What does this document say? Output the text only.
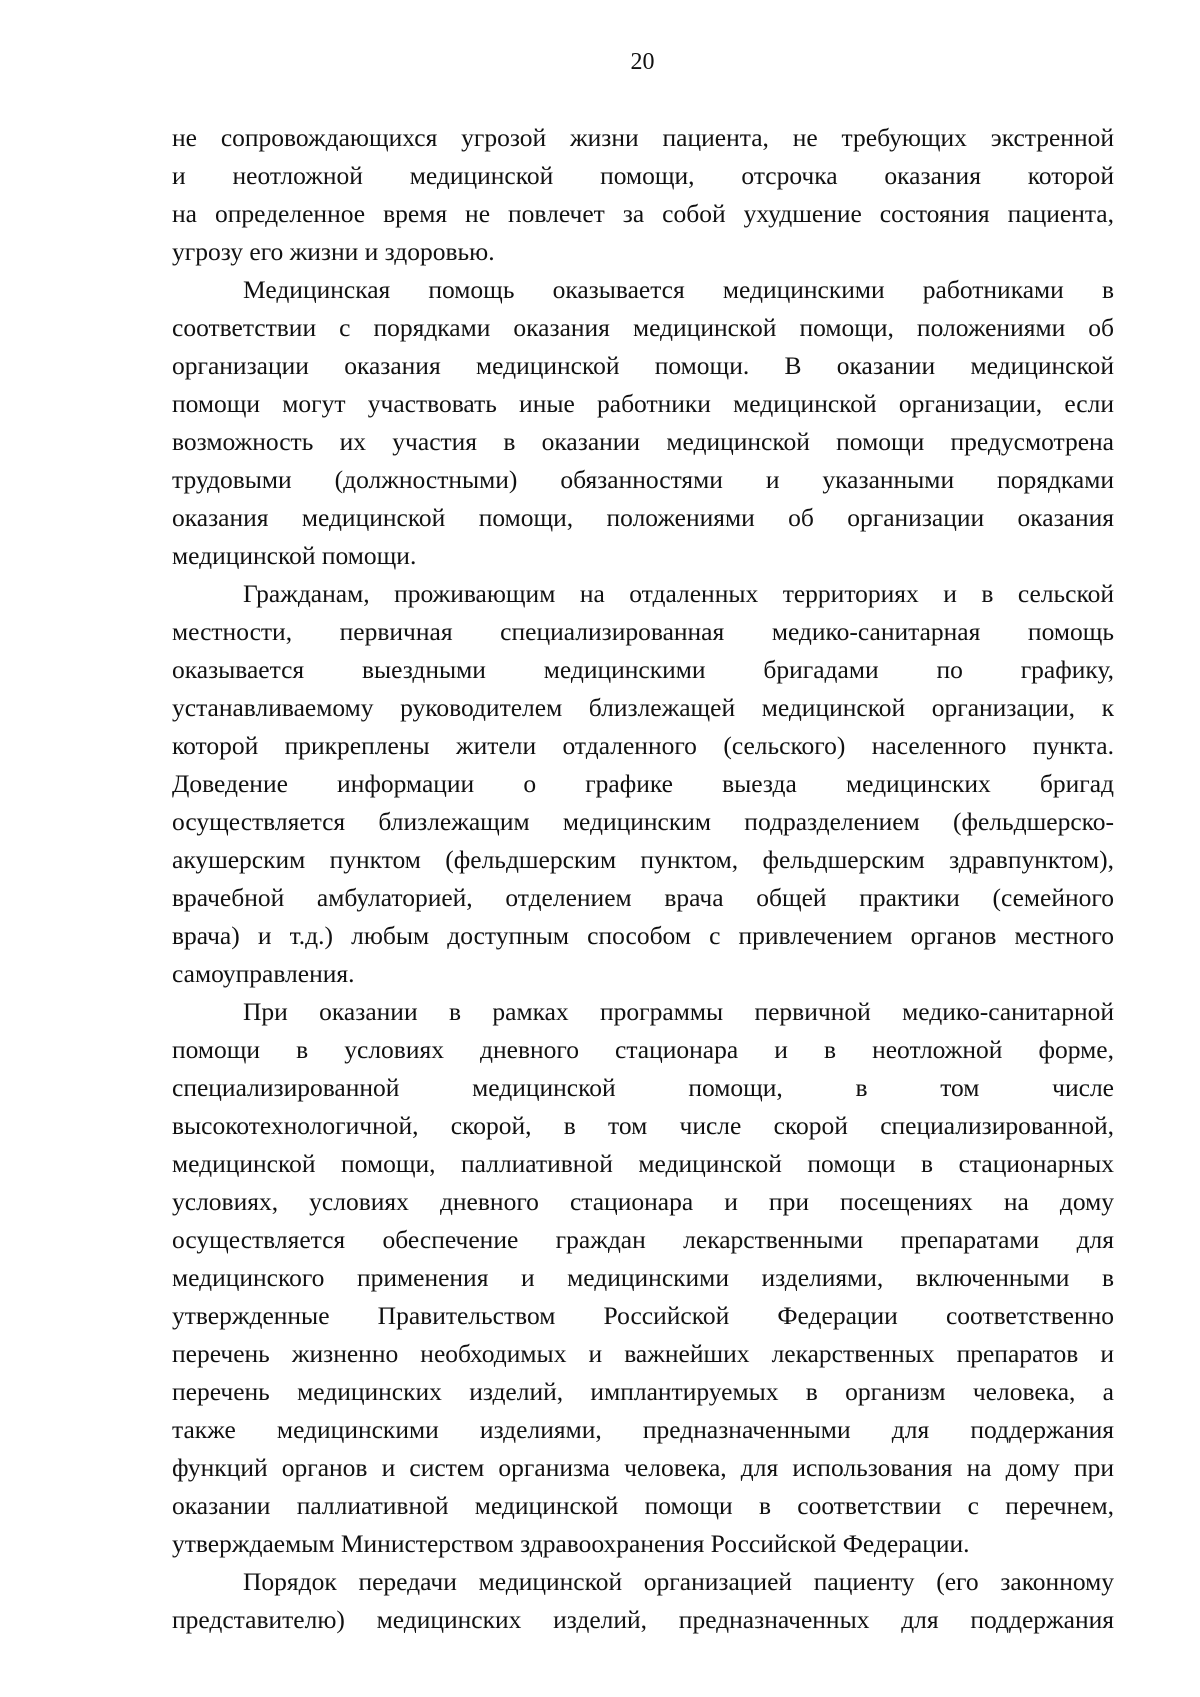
20
не сопровождающихся угрозой жизни пациента, не требующих экстренной
и неотложной медицинской помощи, отсрочка оказания которой
на определенное время не повлечет за собой ухудшение состояния пациента,
угрозу его жизни и здоровью.
Медицинская помощь оказывается медицинскими работниками в
соответствии с порядками оказания медицинской помощи, положениями об
организации оказания медицинской помощи. В оказании медицинской
помощи могут участвовать иные работники медицинской организации, если
возможность их участия в оказании медицинской помощи предусмотрена
трудовыми (должностными) обязанностями и указанными порядками
оказания медицинской помощи, положениями об организации оказания
медицинской помощи.
Гражданам, проживающим на отдаленных территориях и в сельской
местности, первичная специализированная медико-санитарная помощь
оказывается выездными медицинскими бригадами по графику,
устанавливаемому руководителем близлежащей медицинской организации, к
которой прикреплены жители отдаленного (сельского) населенного пункта.
Доведение информации о графике выезда медицинских бригад
осуществляется близлежащим медицинским подразделением (фельдшерско-
акушерским пунктом (фельдшерским пунктом, фельдшерским здравпунктом),
врачебной амбулаторией, отделением врача общей практики (семейного
врача) и т.д.) любым доступным способом с привлечением органов местного
самоуправления.
При оказании в рамках программы первичной медико-санитарной
помощи в условиях дневного стационара и в неотложной форме,
специализированной медицинской помощи, в том числе
высокотехнологичной, скорой, в том числе скорой специализированной,
медицинской помощи, паллиативной медицинской помощи в стационарных
условиях, условиях дневного стационара и при посещениях на дому
осуществляется обеспечение граждан лекарственными препаратами для
медицинского применения и медицинскими изделиями, включенными в
утвержденные Правительством Российской Федерации соответственно
перечень жизненно необходимых и важнейших лекарственных препаратов и
перечень медицинских изделий, имплантируемых в организм человека, а
также медицинскими изделиями, предназначенными для поддержания
функций органов и систем организма человека, для использования на дому при
оказании паллиативной медицинской помощи в соответствии с перечнем,
утверждаемым Министерством здравоохранения Российской Федерации.
Порядок передачи медицинской организацией пациенту (его законному
представителю) медицинских изделий, предназначенных для поддержания
